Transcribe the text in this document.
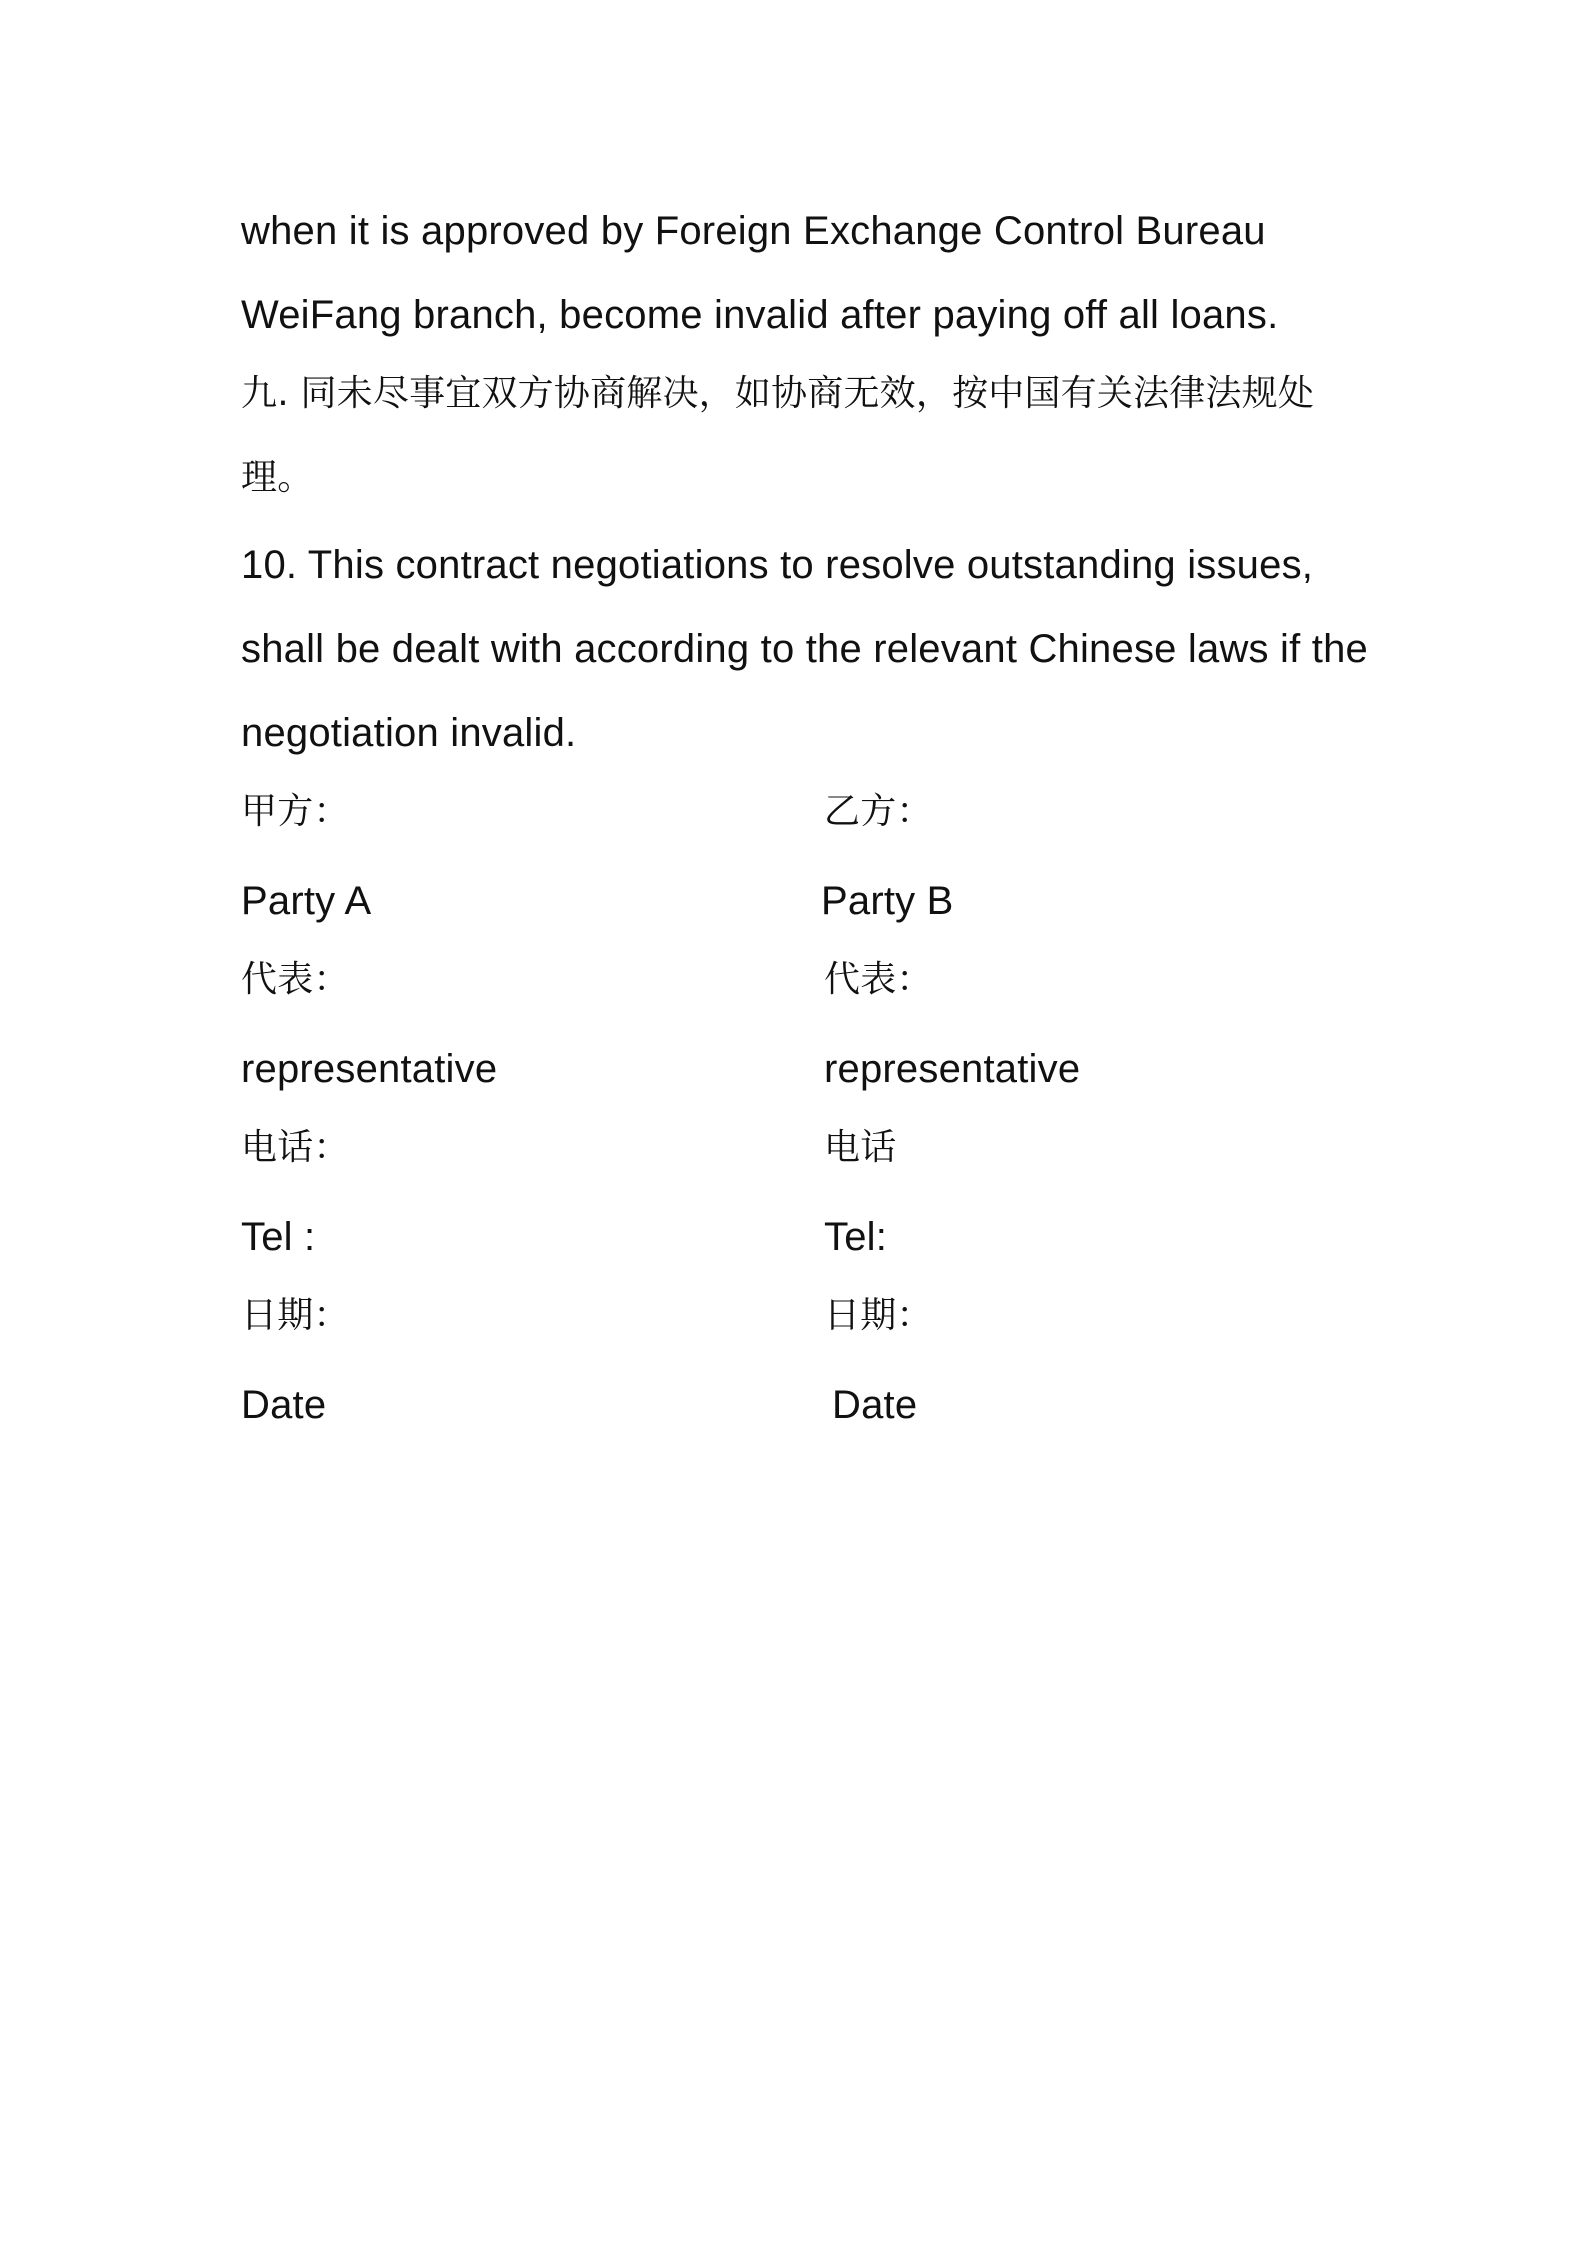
when it is approved by Foreign Exchange Control Bureau
WeiFang branch, become invalid after paying off all loans.
九. 同未尽事宜双方协商解决，如协商无效，按中国有关法律法规处
理。
10. This contract negotiations to resolve outstanding issues,
shall be dealt with according to the relevant Chinese laws if the
negotiation invalid.
甲方：
Party A
代表：
representative
电话：
Tel :
日期：
Date
乙方：
Party B
代表：
representative
电话
Tel:
日期：
Date
